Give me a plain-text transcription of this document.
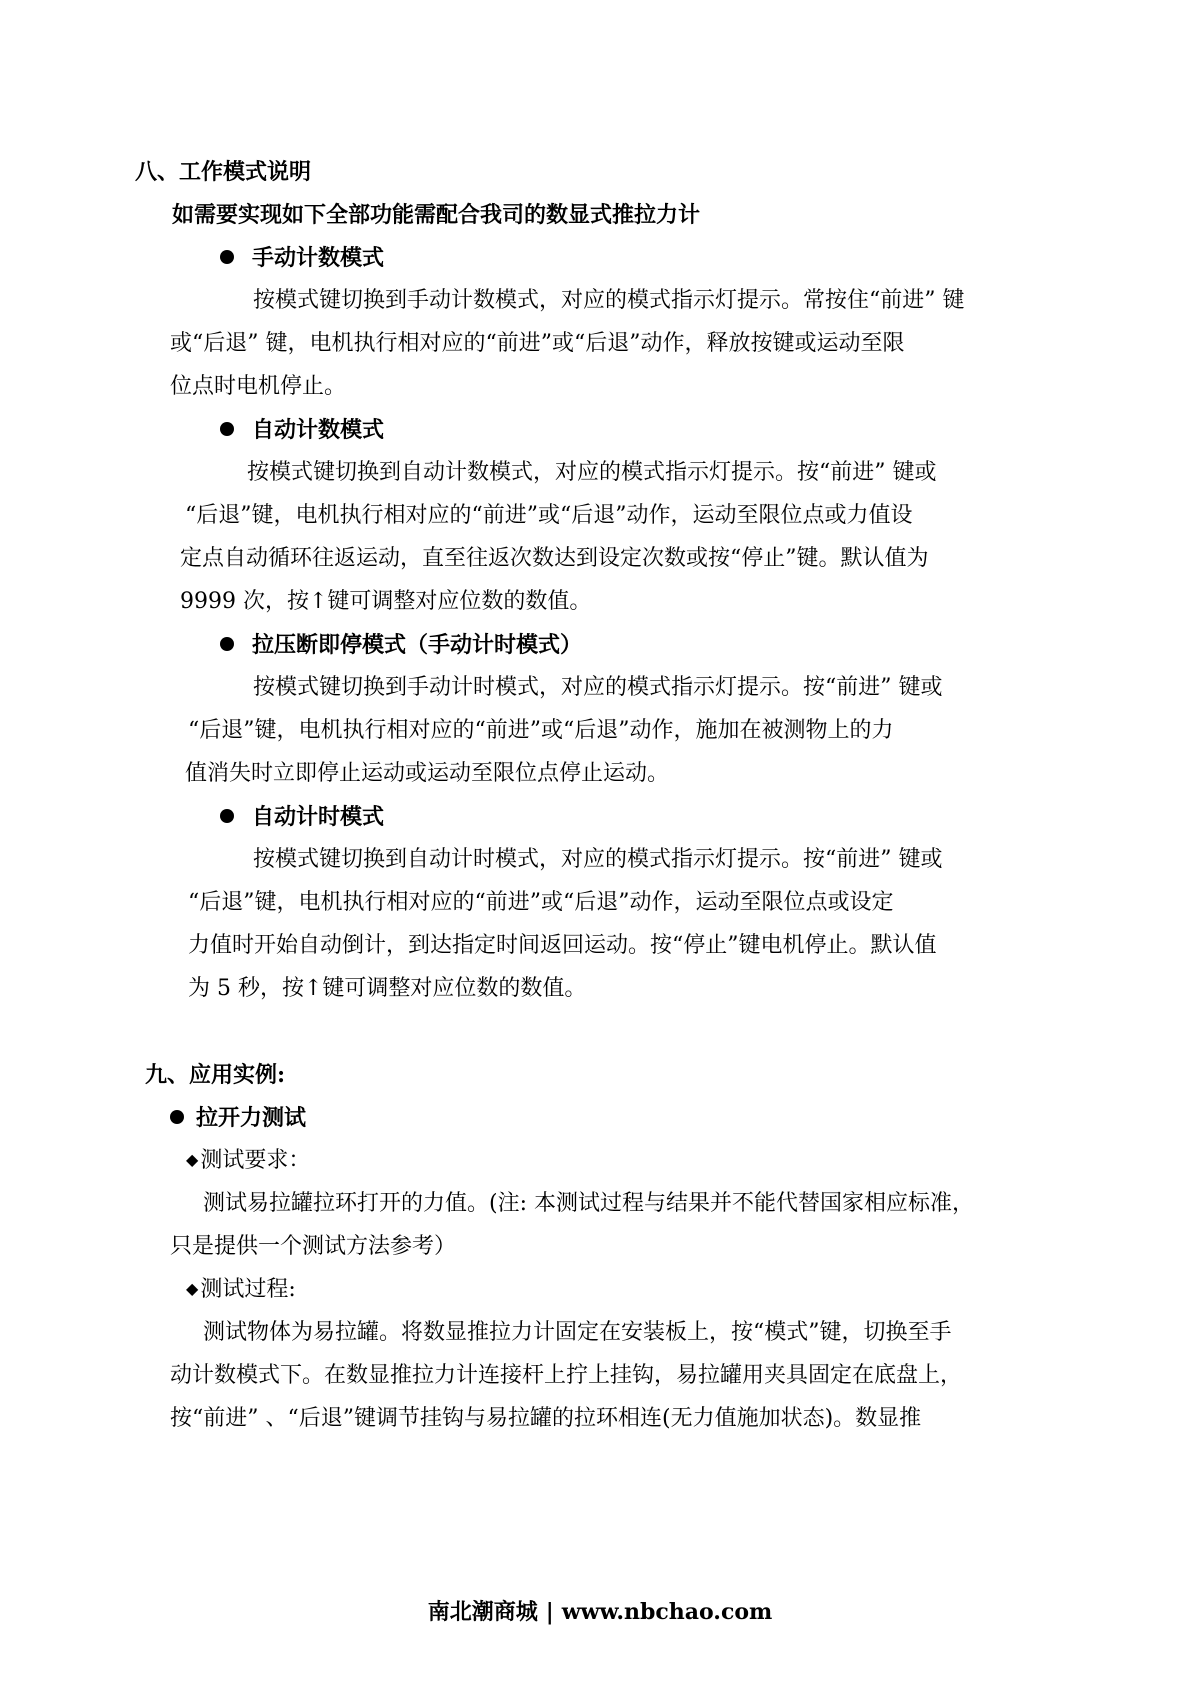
八、工作模式说明
如需要实现如下全部功能需配合我司的数显式推拉力计
手动计数模式
按模式键切换到手动计数模式，对应的模式指示灯提示。常按住“前进” 键
或“后退” 键，电机执行相对应的“前进”或“后退”动作，释放按键或运动至限
位点时电机停止。
自动计数模式
按模式键切换到自动计数模式，对应的模式指示灯提示。按“前进” 键或
“后退”键，电机执行相对应的“前进”或“后退”动作，运动至限位点或力值设
定点自动循环往返运动，直至往返次数达到设定次数或按“停止”键。默认值为
9999 次，按↑键可调整对应位数的数值。
拉压断即停模式（手动计时模式）
按模式键切换到手动计时模式，对应的模式指示灯提示。按“前进” 键或
“后退”键，电机执行相对应的“前进”或“后退”动作，施加在被测物上的力
值消失时立即停止运动或运动至限位点停止运动。
自动计时模式
按模式键切换到自动计时模式，对应的模式指示灯提示。按“前进” 键或
“后退”键，电机执行相对应的“前进”或“后退”动作，运动至限位点或设定
力值时开始自动倒计，到达指定时间返回运动。按“停止”键电机停止。默认值
为 5 秒，按↑键可调整对应位数的数值。
九、应用实例:
拉开力测试
◆测试要求：
测试易拉罐拉环打开的力值。(注: 本测试过程与结果并不能代替国家相应标准，
只是提供一个测试方法参考）
◆测试过程:
测试物体为易拉罐。将数显推拉力计固定在安装板上，按“模式”键，切换至手
动计数模式下。在数显推拉力计连接杆上拧上挂钩，易拉罐用夹具固定在底盘上，
按“前进” 、“后退”键调节挂钩与易拉罐的拉环相连(无力值施加状态)。数显推
南北潮商城 | www.nbchao.com
